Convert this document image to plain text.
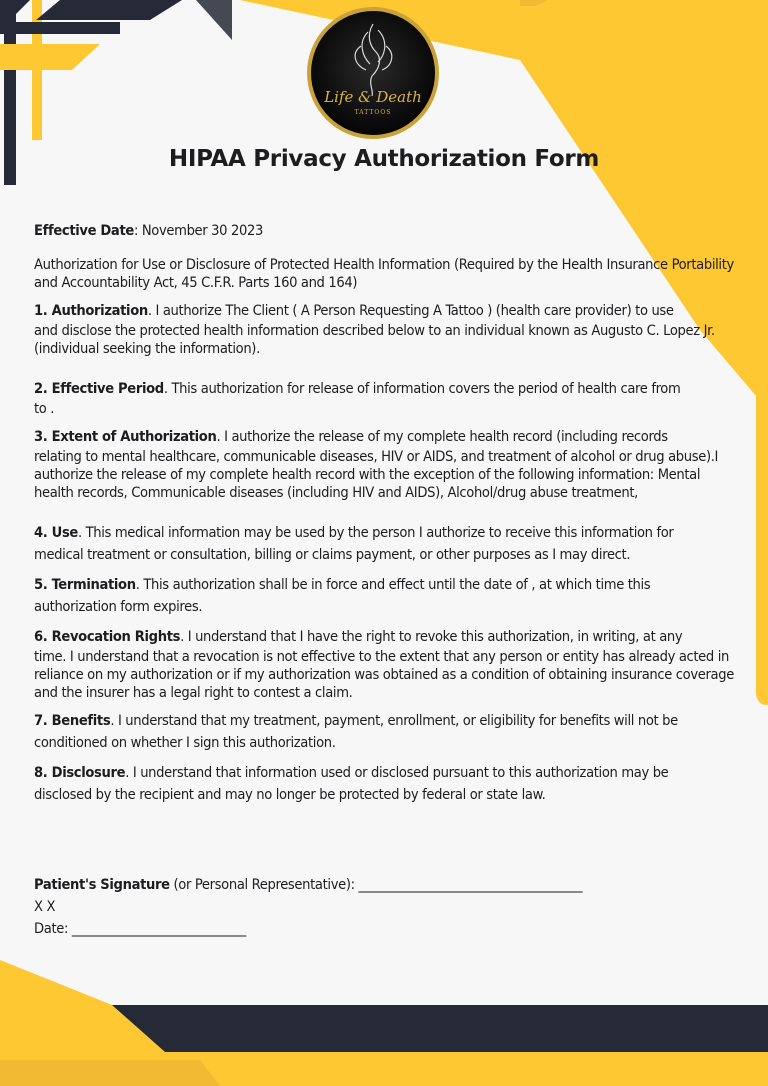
Life & Death
TATTOOS
HIPAA Privacy Authorization Form

Effective Date: November 30 2023

Authorization for Use or Disclosure of Protected Health Information (Required by the Health Insurance Portability and Accountability Act, 45 C.F.R. Parts 160 and 164)

1. Authorization. I authorize The Client ( A Person Requesting A Tattoo ) (health care provider) to use

and disclose the protected health information described below to an individual known as Augusto C. Lopez Jr. (individual seeking the information).

2. Effective Period. This authorization for release of information covers the period of health care from

to .

3. Extent of Authorization. I authorize the release of my complete health record (including records

relating to mental healthcare, communicable diseases, HIV or AIDS, and treatment of alcohol or drug abuse).I authorize the release of my complete health record with the exception of the following information: Mental health records, Communicable diseases (including HIV and AIDS), Alcohol/drug abuse treatment,

4. Use. This medical information may be used by the person I authorize to receive this information for

medical treatment or consultation, billing or claims payment, or other purposes as I may direct.

5. Termination. This authorization shall be in force and effect until the date of , at which time this

authorization form expires.

6. Revocation Rights. I understand that I have the right to revoke this authorization, in writing, at any

time. I understand that a revocation is not effective to the extent that any person or entity has already acted in reliance on my authorization or if my authorization was obtained as a condition of obtaining insurance coverage and the insurer has a legal right to contest a claim.

7. Benefits. I understand that my treatment, payment, enrollment, or eligibility for benefits will not be

conditioned on whether I sign this authorization.

8. Disclosure. I understand that information used or disclosed pursuant to this authorization may be

disclosed by the recipient and may no longer be protected by federal or state law.

Patient's Signature (or Personal Representative): ____________________________________

X X

Date: ____________________________
